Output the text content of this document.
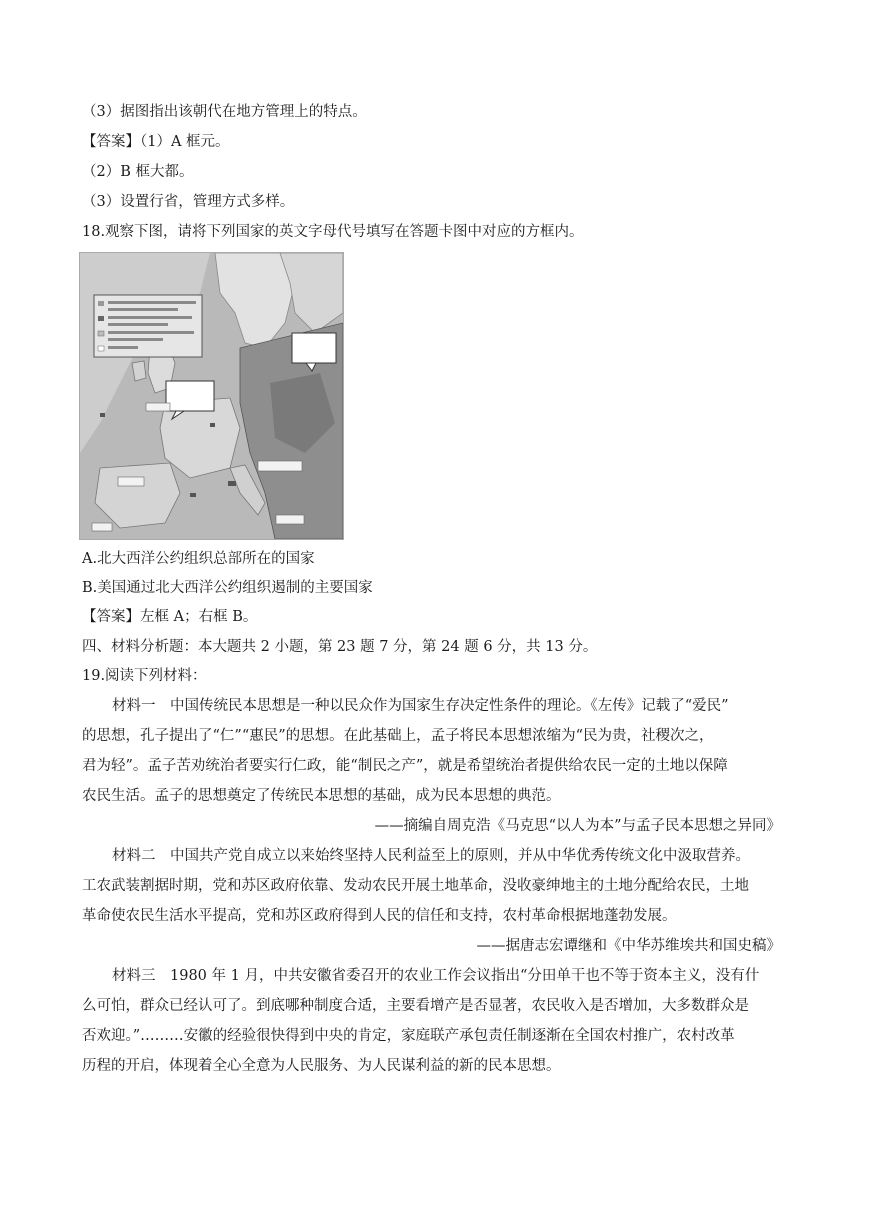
（3）据图指出该朝代在地方管理上的特点。
【答案】（1）A 框元。
（2）B 框大都。
（3）设置行省，管理方式多样。
18.观察下图，请将下列国家的英文字母代号填写在答题卡图中对应的方框内。
A.北大西洋公约组织总部所在的国家
B.美国通过北大西洋公约组织遏制的主要国家
【答案】左框 A；右框 B。
四、材料分析题：本大题共 2 小题，第 23 题 7 分，第 24 题 6 分，共 13 分。
19.阅读下列材料：
材料一　中国传统民本思想是一种以民众作为国家生存决定性条件的理论。《左传》记载了“爱民”
的思想，孔子提出了“仁”“惠民”的思想。在此基础上，孟子将民本思想浓缩为“民为贵，社稷次之，
君为轻”。孟子苦劝统治者要实行仁政，能“制民之产”，就是希望统治者提供给农民一定的土地以保障
农民生活。孟子的思想奠定了传统民本思想的基础，成为民本思想的典范。
——摘编自周克浩《马克思“以人为本”与孟子民本思想之异同》
材料二　中国共产党自成立以来始终坚持人民利益至上的原则，并从中华优秀传统文化中汲取营养。
工农武装割据时期，党和苏区政府依靠、发动农民开展土地革命，没收豪绅地主的土地分配给农民，土地
革命使农民生活水平提高，党和苏区政府得到人民的信任和支持，农村革命根据地蓬勃发展。
——据唐志宏谭继和《中华苏维埃共和国史稿》
材料三　1980 年 1 月，中共安徽省委召开的农业工作会议指出“分田单干也不等于资本主义，没有什
么可怕，群众已经认可了。到底哪种制度合适，主要看增产是否显著，农民收入是否增加，大多数群众是
否欢迎。”………安徽的经验很快得到中央的肯定，家庭联产承包责任制逐渐在全国农村推广，农村改革
历程的开启，体现着全心全意为人民服务、为人民谋利益的新的民本思想。
